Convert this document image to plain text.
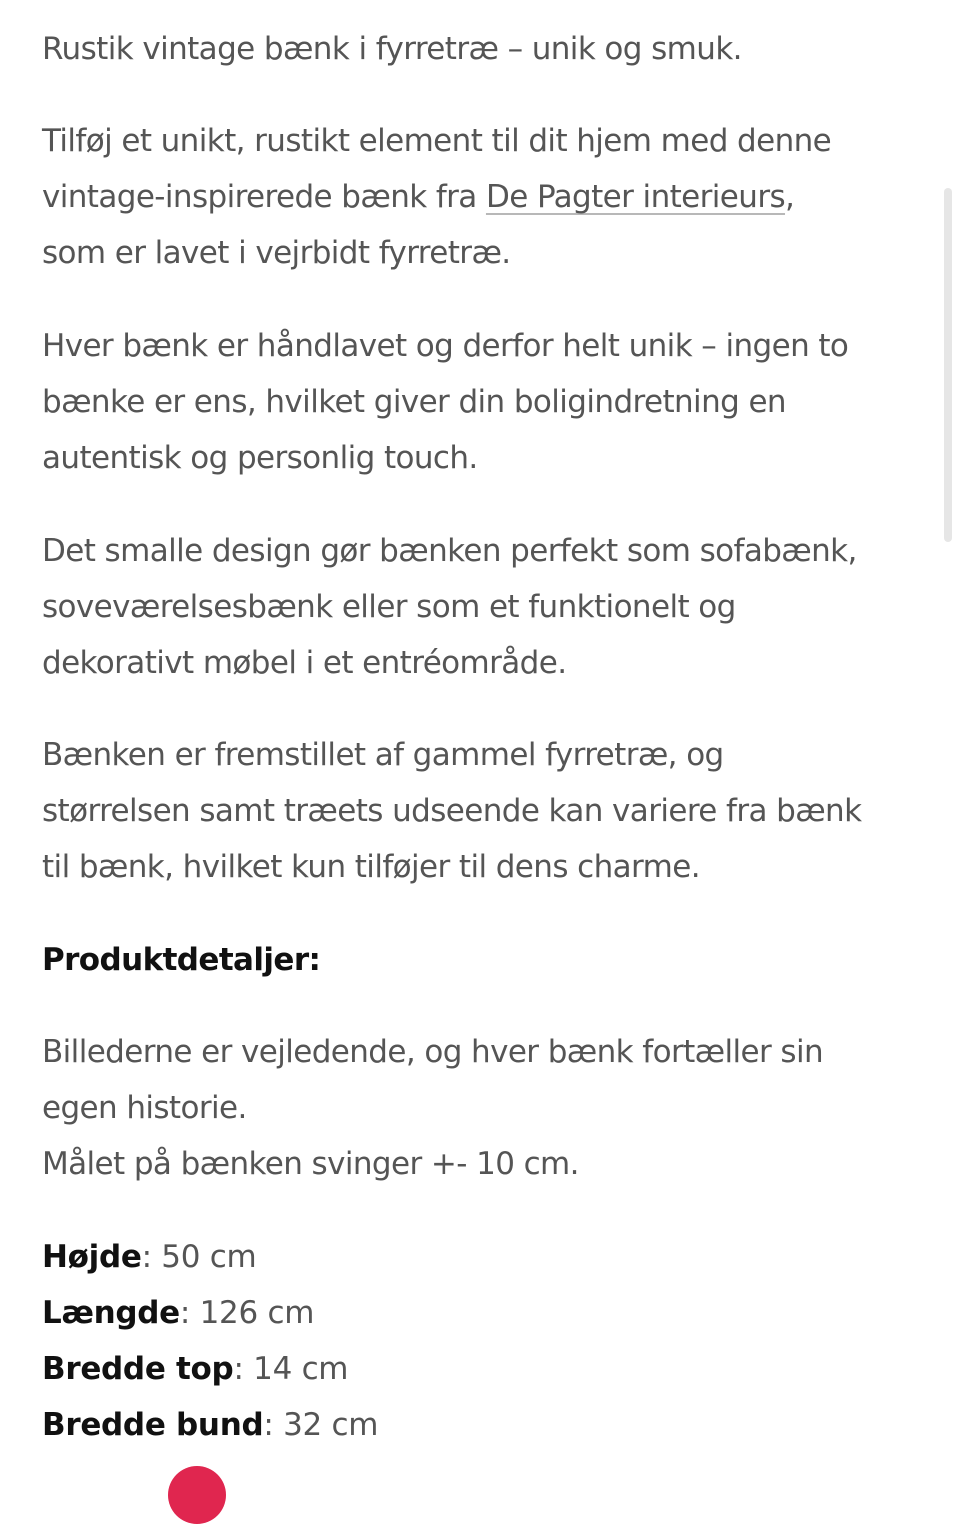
Rustik vintage bænk i fyrretræ – unik og smuk.

Tilføj et unikt, rustikt element til dit hjem med denne
vintage-inspirerede bænk fra De Pagter interieurs,
som er lavet i vejrbidt fyrretræ.

Hver bænk er håndlavet og derfor helt unik – ingen to
bænke er ens, hvilket giver din boligindretning en
autentisk og personlig touch.

Det smalle design gør bænken perfekt som sofabænk,
soveværelsesbænk eller som et funktionelt og
dekorativt møbel i et entréområde.

Bænken er fremstillet af gammel fyrretræ, og
størrelsen samt træets udseende kan variere fra bænk
til bænk, hvilket kun tilføjer til dens charme.

Produktdetaljer:

Billederne er vejledende, og hver bænk fortæller sin
egen historie.
Målet på bænken svinger +- 10 cm.

Højde: 50 cm
Længde: 126 cm
Bredde top: 14 cm
Bredde bund: 32 cm
